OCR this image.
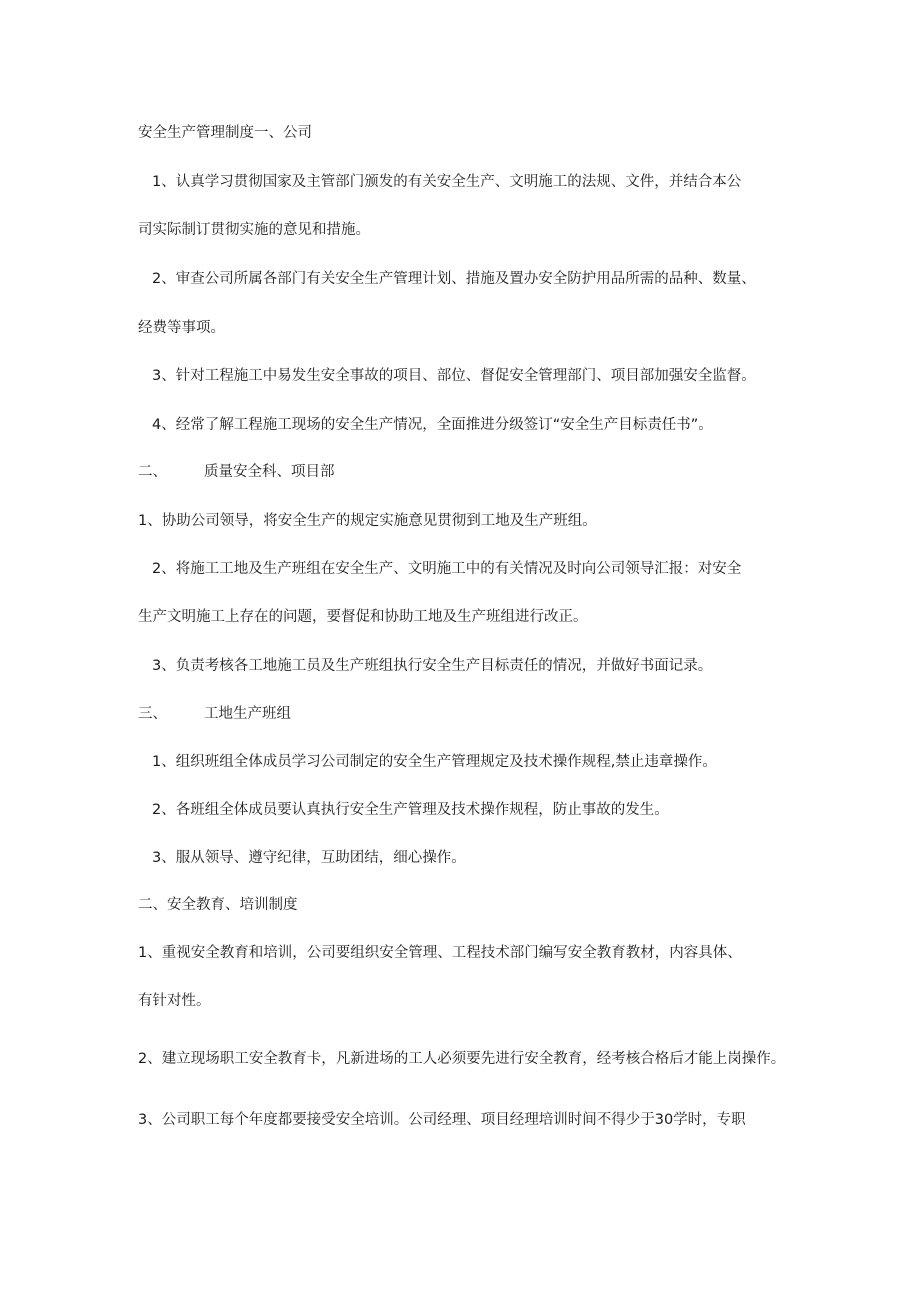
安全生产管理制度一、公司
1、认真学习贯彻国家及主管部门颁发的有关安全生产、文明施工的法规、文件，并结合本公
司实际制订贯彻实施的意见和措施。
2、审查公司所属各部门有关安全生产管理计划、措施及置办安全防护用品所需的品种、数量、
经费等事项。
3、针对工程施工中易发生安全事故的项目、部位、督促安全管理部门、项目部加强安全监督。
4、经常了解工程施工现场的安全生产情况，全面推进分级签订“安全生产目标责任书”。
二、	质量安全科、项目部
1、协助公司领导，将安全生产的规定实施意见贯彻到工地及生产班组。
2、将施工工地及生产班组在安全生产、文明施工中的有关情况及时向公司领导汇报：对安全
生产文明施工上存在的问题，要督促和协助工地及生产班组进行改正。
3、负责考核各工地施工员及生产班组执行安全生产目标责任的情况，并做好书面记录。
三、	工地生产班组
1、组织班组全体成员学习公司制定的安全生产管理规定及技术操作规程,禁止违章操作。
2、各班组全体成员要认真执行安全生产管理及技术操作规程，防止事故的发生。
3、服从领导、遵守纪律，互助团结，细心操作。
二、安全教育、培训制度
1、重视安全教育和培训，公司要组织安全管理、工程技术部门编写安全教育教材，内容具体、
有针对性。
2、建立现场职工安全教育卡，凡新进场的工人必须要先进行安全教育，经考核合格后才能上岗操作。
3、公司职工每个年度都要接受安全培训。公司经理、项目经理培训时间不得少于30学时，专职
